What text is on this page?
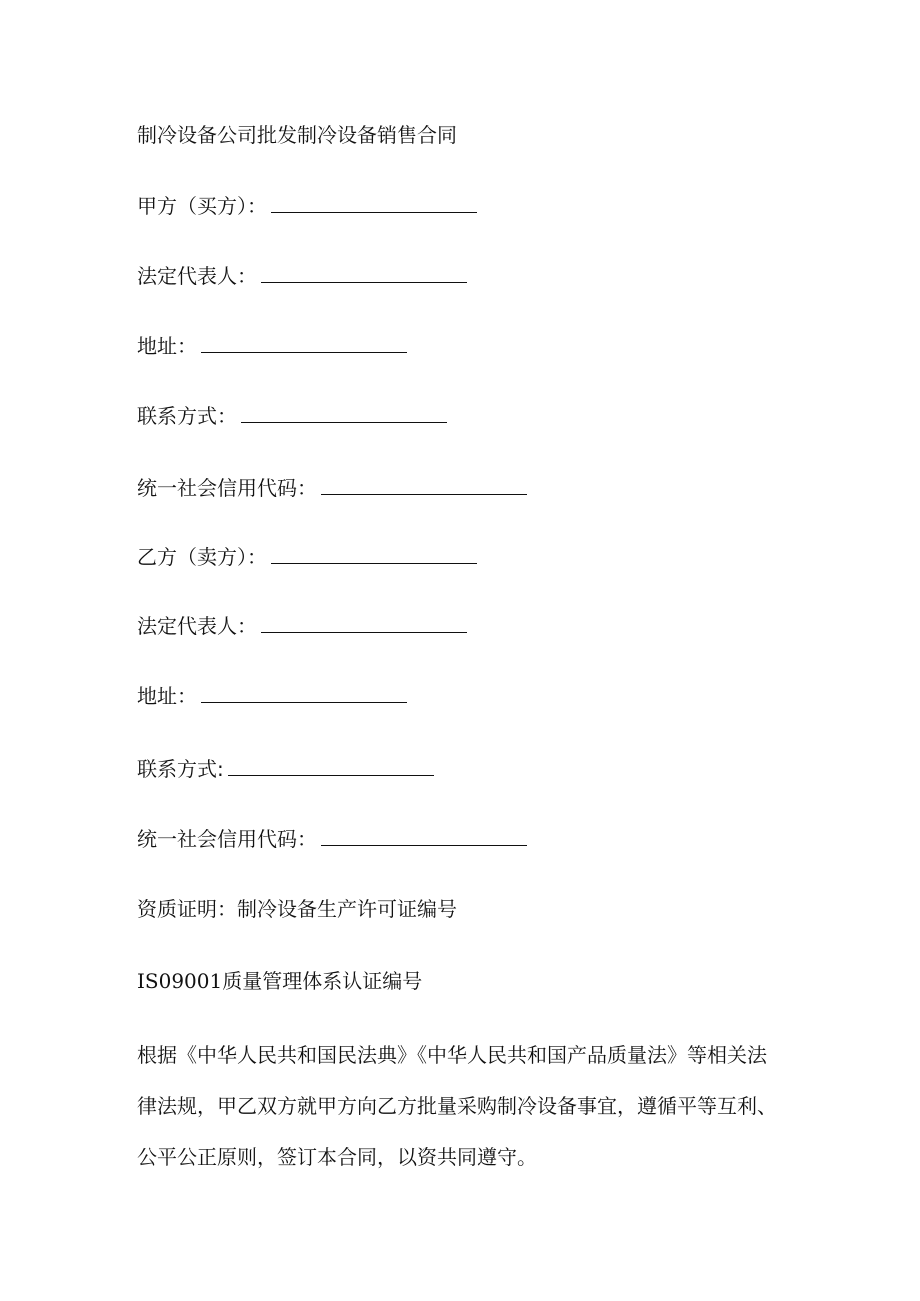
制冷设备公司批发制冷设备销售合同
甲方（买方）：
法定代表人：
地址：
联系方式：
统一社会信用代码：
乙方（卖方）：
法定代表人：
地址：
联系方式:
统一社会信用代码：
资质证明：制冷设备生产许可证编号
IS09001质量管理体系认证编号
根据《中华人民共和国民法典》《中华人民共和国产品质量法》等相关法
律法规，甲乙双方就甲方向乙方批量采购制冷设备事宜，遵循平等互利、
公平公正原则，签订本合同，以资共同遵守。
